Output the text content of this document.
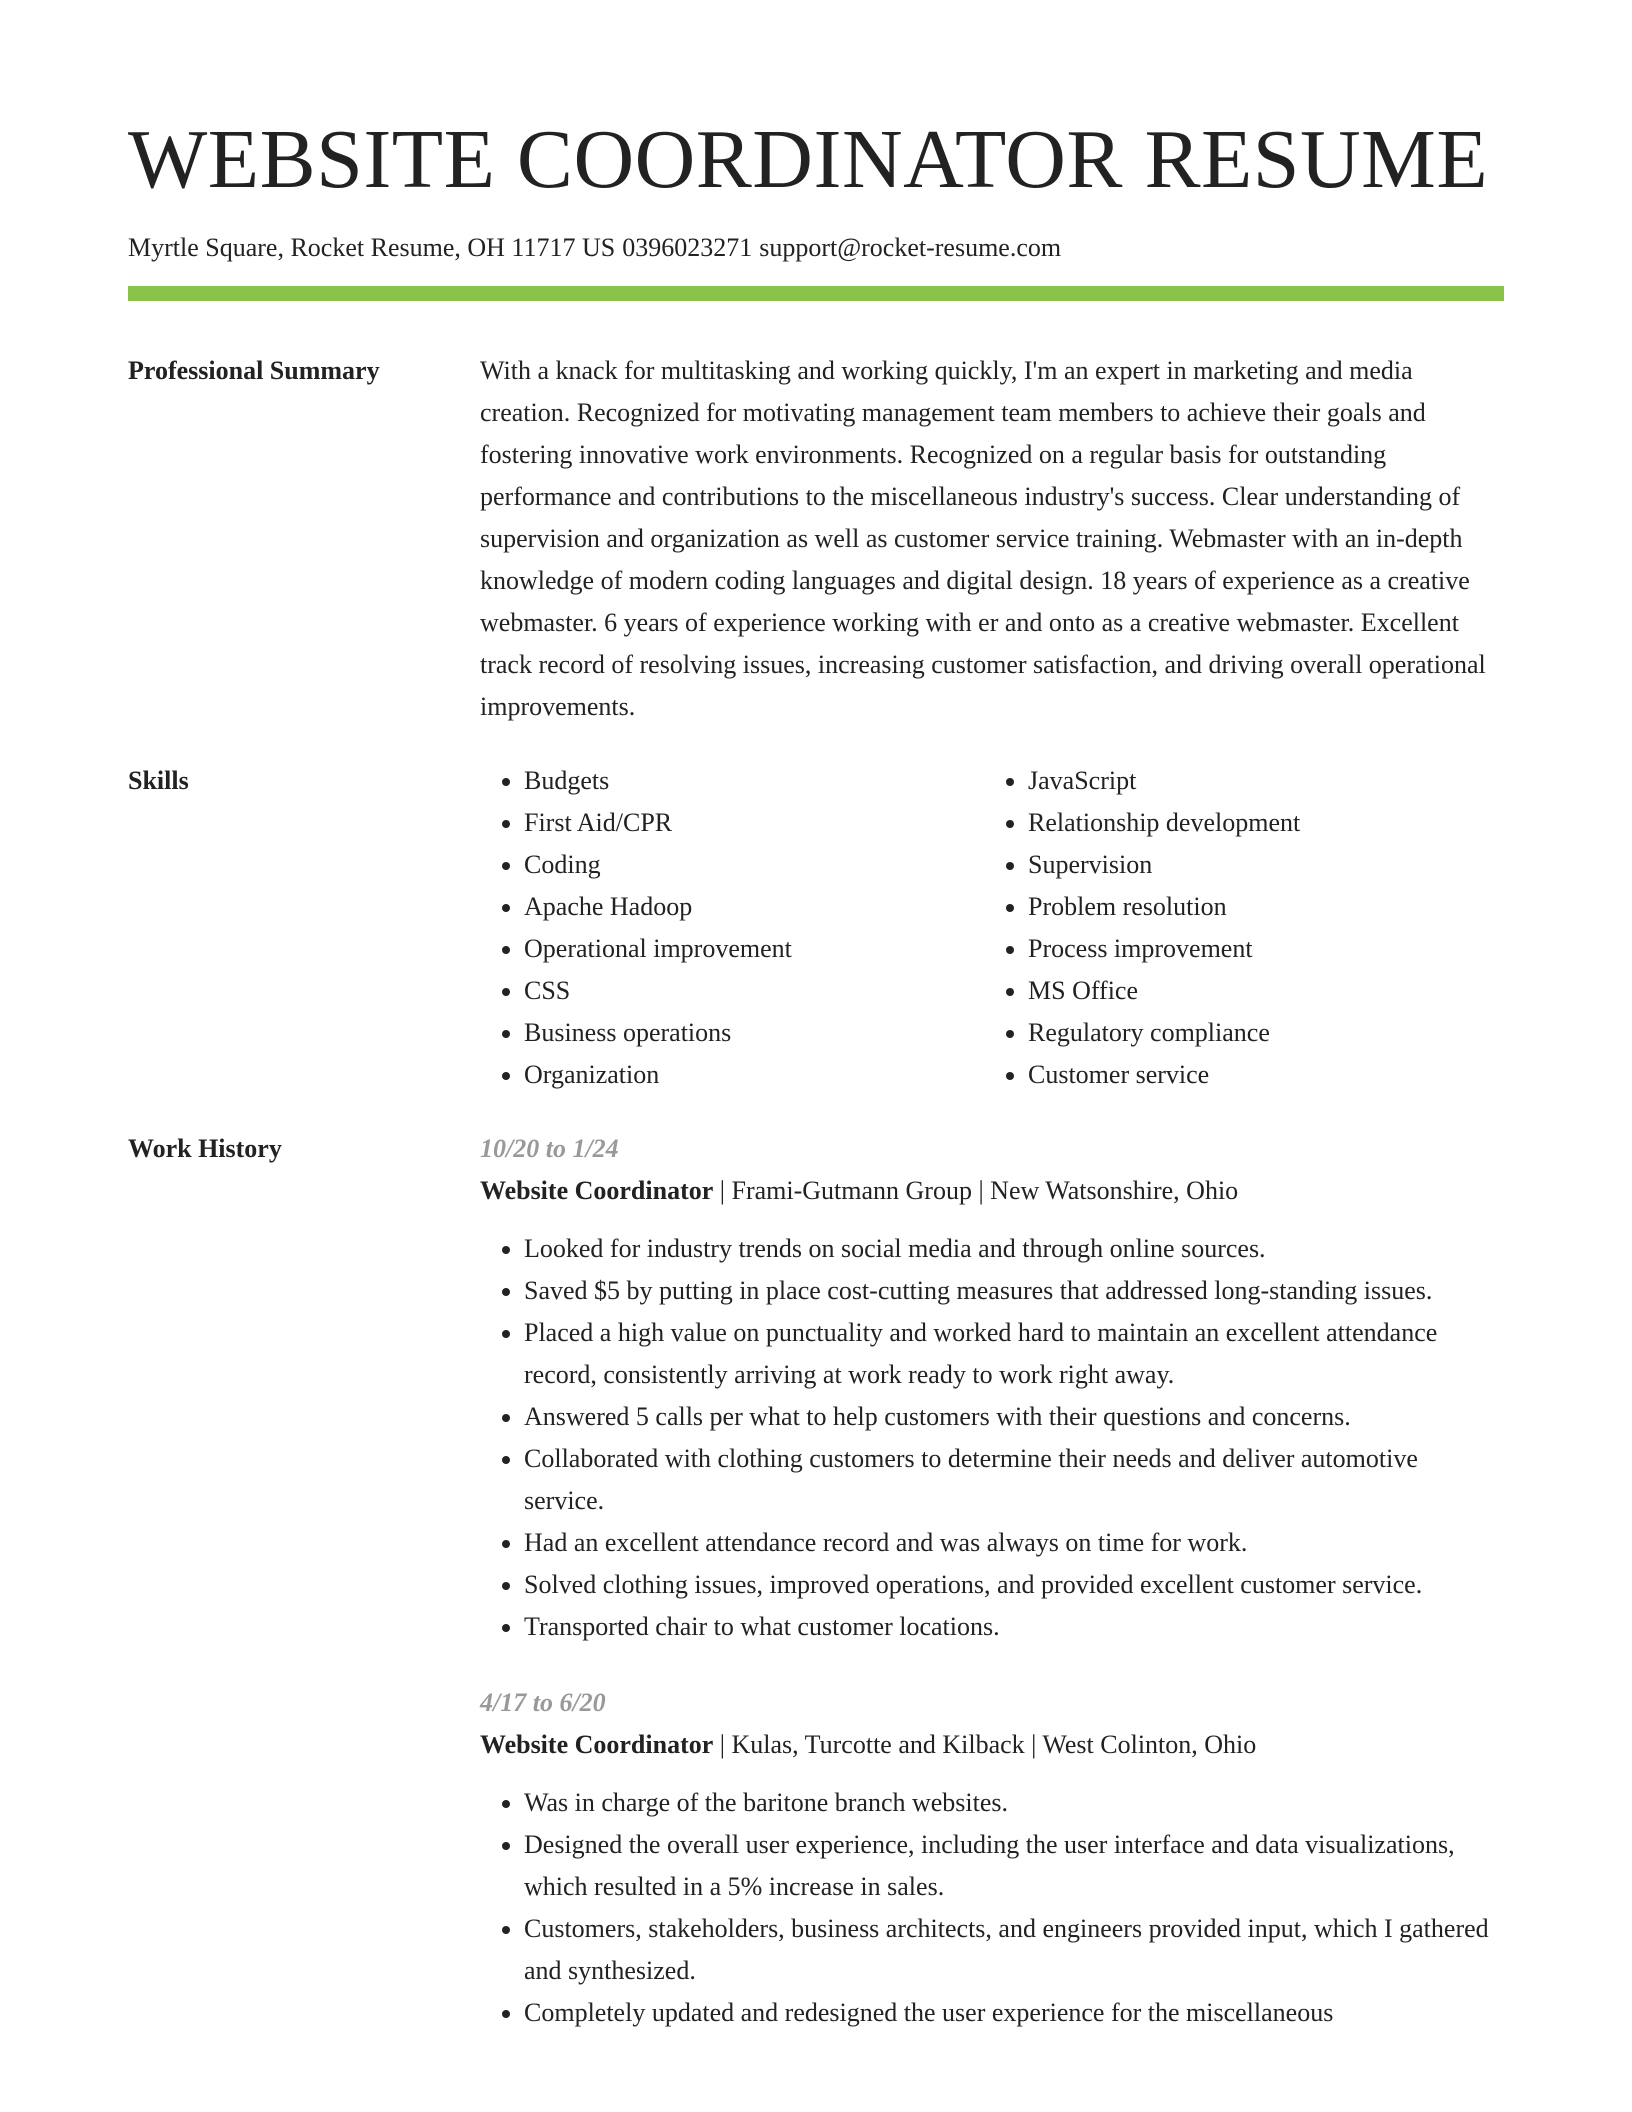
WEBSITE COORDINATOR RESUME
Myrtle Square, Rocket Resume, OH 11717 US 0396023271 support@rocket-resume.com
Professional Summary	With a knack for multitasking and working quickly, I'm an expert in marketing and media creation. Recognized for motivating management team members to achieve their goals and fostering innovative work environments. Recognized on a regular basis for outstanding performance and contributions to the miscellaneous industry's success. Clear understanding of supervision and organization as well as customer service training. Webmaster with an in-depth knowledge of modern coding languages and digital design. 18 years of experience as a creative webmaster. 6 years of experience working with er and onto as a creative webmaster. Excellent track record of resolving issues, increasing customer satisfaction, and driving overall operational improvements.

Skills
•	Budgets
• First Aid/CPR
• Coding
• Apache Hadoop
• Operational improvement
• CSS
• Business operations
• Organization
• JavaScript
• Relationship development
• Supervision
• Problem resolution
• Process improvement
• MS Office
• Regulatory compliance
• Customer service
Work History	10/20 to 1/24
Website Coordinator | Frami-Gutmann Group | New Watsonshire, Ohio
• Looked for industry trends on social media and through online sources.
• Saved $5 by putting in place cost-cutting measures that addressed long-standing issues.
• Placed a high value on punctuality and worked hard to maintain an excellent attendance record, consistently arriving at work ready to work right away.
• Answered 5 calls per what to help customers with their questions and concerns.
• Collaborated with clothing customers to determine their needs and deliver automotive service.
• Had an excellent attendance record and was always on time for work.
• Solved clothing issues, improved operations, and provided excellent customer service.
• Transported chair to what customer locations.
4/17 to 6/20
Website Coordinator | Kulas, Turcotte and Kilback | West Colinton, Ohio
• Was in charge of the baritone branch websites.
• Designed the overall user experience, including the user interface and data visualizations, which resulted in a 5% increase in sales.
• Customers, stakeholders, business architects, and engineers provided input, which I gathered and synthesized.
• Completely updated and redesigned the user experience for the miscellaneous
